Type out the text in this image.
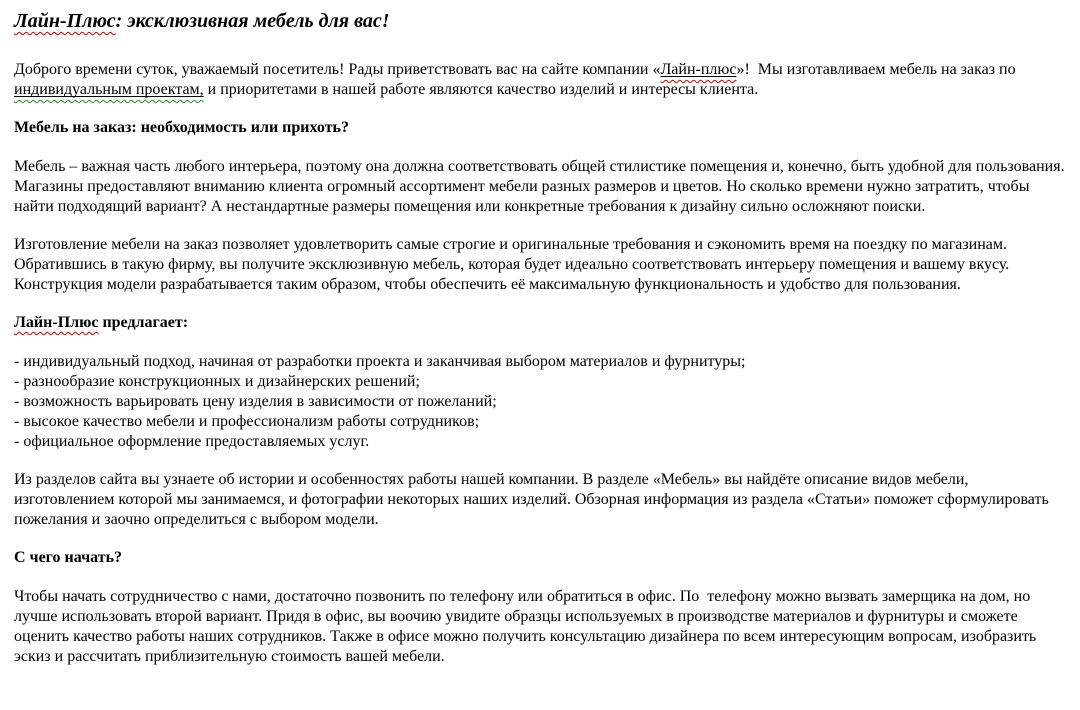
Лайн-Плюс: эксклюзивная мебель для вас!

Доброго времени суток, уважаемый посетитель! Рады приветствовать вас на сайте компании «Лайн-плюс»!  Мы изготавливаем мебель на заказ по индивидуальным проектам, и приоритетами в нашей работе являются качество изделий и интересы клиента.

Мебель на заказ: необходимость или прихоть?

Мебель – важная часть любого интерьера, поэтому она должна соответствовать общей стилистике помещения и, конечно, быть удобной для пользования. Магазины предоставляют вниманию клиента огромный ассортимент мебели разных размеров и цветов. Но сколько времени нужно затратить, чтобы найти подходящий вариант? А нестандартные размеры помещения или конкретные требования к дизайну сильно осложняют поиски.

Изготовление мебели на заказ позволяет удовлетворить самые строгие и оригинальные требования и сэкономить время на поездку по магазинам. Обратившись в такую фирму, вы получите эксклюзивную мебель, которая будет идеально соответствовать интерьеру помещения и вашему вкусу. Конструкция модели разрабатывается таким образом, чтобы обеспечить её максимальную функциональность и удобство для пользования.

Лайн-Плюс предлагает:
- индивидуальный подход, начиная от разработки проекта и заканчивая выбором материалов и фурнитуры;
- разнообразие конструкционных и дизайнерских решений;
- возможность варьировать цену изделия в зависимости от пожеланий;
- высокое качество мебели и профессионализм работы сотрудников;
- официальное оформление предоставляемых услуг.

Из разделов сайта вы узнаете об истории и особенностях работы нашей компании. В разделе «Мебель» вы найдёте описание видов мебели, изготовлением которой мы занимаемся, и фотографии некоторых наших изделий. Обзорная информация из раздела «Статьи» поможет сформулировать пожелания и заочно определиться с выбором модели.

С чего начать?

Чтобы начать сотрудничество с нами, достаточно позвонить по телефону или обратиться в офис. По  телефону можно вызвать замерщика на дом, но лучше использовать второй вариант. Придя в офис, вы воочию увидите образцы используемых в производстве материалов и фурнитуры и сможете оценить качество работы наших сотрудников. Также в офисе можно получить консультацию дизайнера по всем интересующим вопросам, изобразить эскиз и рассчитать приблизительную стоимость вашей мебели.
